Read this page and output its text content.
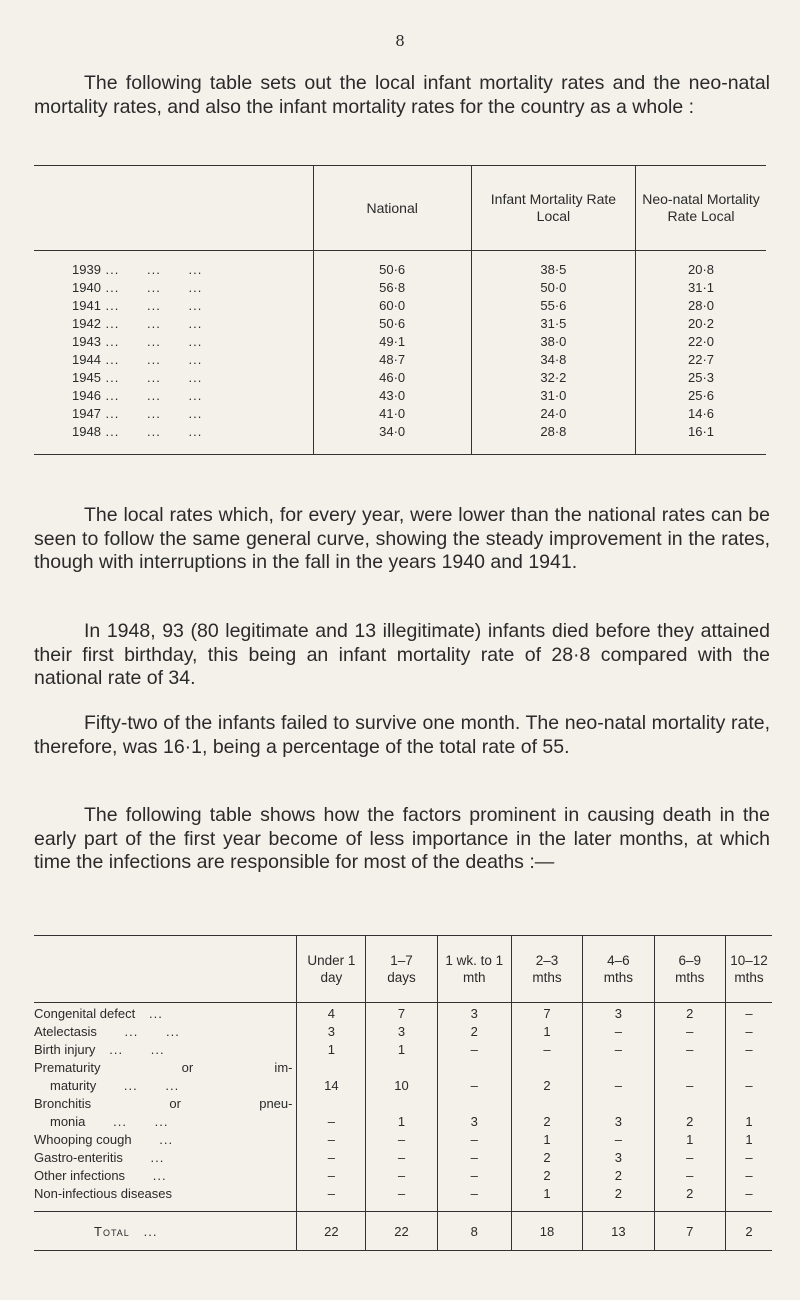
8

The following table sets out the local infant mortality rates and the neo-natal mortality rates, and also the infant mortality rates for the country as a whole :

	National	Infant Mortality Rate Local	Neo-natal Mortality Rate Local

1939 ...      ...      ...	50·6	38·5	20·8
1940 ...      ...      ...	56·8	50·0	31·1
1941 ...      ...      ...	60·0	55·6	28·0
1942 ...      ...      ...	50·6	31·5	20·2
1943 ...      ...      ...	49·1	38·0	22·0
1944 ...      ...      ...	48·7	34·8	22·7
1945 ...      ...      ...	46·0	32·2	25·3
1946 ...      ...      ...	43·0	31·0	25·6
1947 ...      ...      ...	41·0	24·0	14·6
1948 ...      ...      ...	34·0	28·8	16·1

The local rates which, for every year, were lower than the national rates can be seen to follow the same general curve, showing the steady improvement in the rates, though with interruptions in the fall in the years 1940 and 1941.

In 1948, 93 (80 legitimate and 13 illegitimate) infants died before they attained their first birthday, this being an infant mortality rate of 28·8 compared with the national rate of 34.

Fifty-two of the infants failed to survive one month. The neo-natal mortality rate, therefore, was 16·1, being a percentage of the total rate of 55.

The following table shows how the factors prominent in causing death in the early part of the first year become of less importance in the later months, at which time the infections are responsible for most of the deaths :—

	Under 1 day	1–7 days	1 wk. to 1 mth	2–3 mths	4–6 mths	6–9 mths	10–12 mths

Congenital defect   ...	4	7	3	7	3	2	–
Atelectasis      ...      ...	3	3	2	1	–	–	–
Birth injury   ...      ...	1	1	–	–	–	–	–
Prematurity or im-							
maturity      ...      ...	14	10	–	2	–	–	–
Bronchitis or pneu-							
monia      ...      ...	–	1	3	2	3	2	1
Whooping cough      ...	–	–	–	1	–	1	1
Gastro-enteritis      ...	–	–	–	2	3	–	–
Other infections      ...	–	–	–	2	2	–	–
Non-infectious diseases	–	–	–	1	2	2	–

Total   ...	22	22	8	18	13	7	2
